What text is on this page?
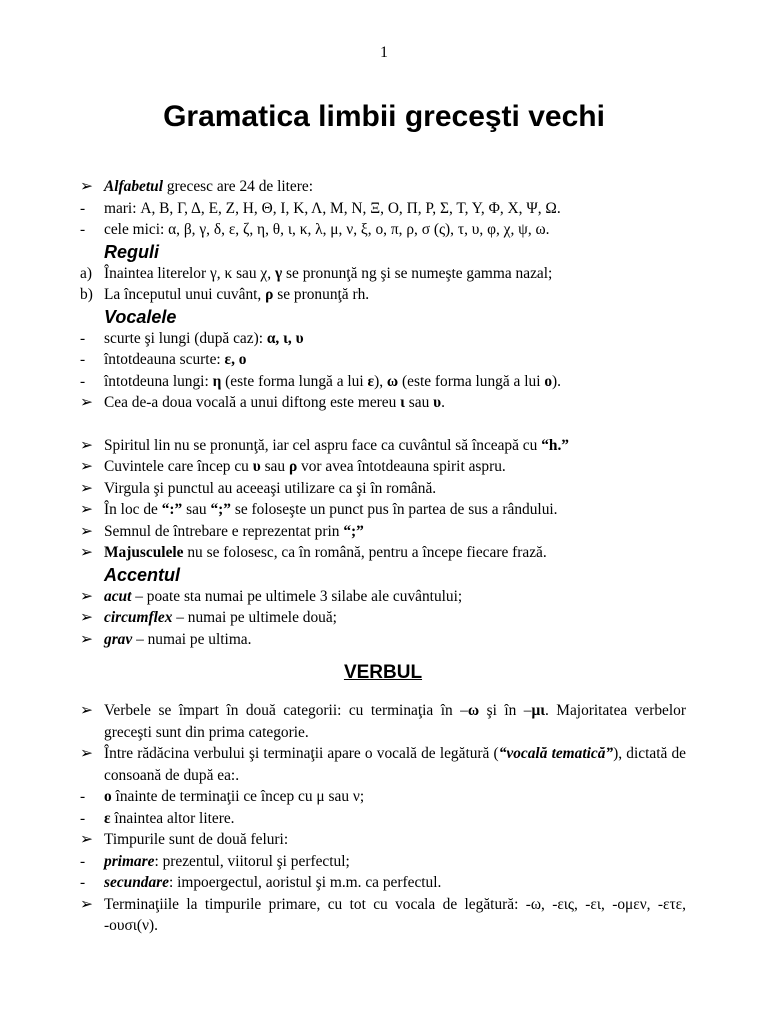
1
Gramatica limbii greceşti vechi
➢ Alfabetul grecesc are 24 de litere:
-	mari: Α, Β, Γ, Δ, Ε, Ζ, Η, Θ, Ι, Κ, Λ, Μ, Ν, Ξ, Ο, Π, Ρ, Σ, Τ, Υ, Φ, Χ, Ψ, Ω.
-	cele mici: α, β, γ, δ, ε, ζ, η, θ, ι, κ, λ, μ, ν, ξ, ο, π, ρ, σ (ς), τ, υ, φ, χ, ψ, ω.
Reguli
a) Înaintea literelor γ, κ sau χ, γ se pronunţă ng şi se numeşte gamma nazal;
b) La începutul unui cuvânt, ρ se pronunţă rh.
Vocalele
-	scurte şi lungi (după caz): α, ι, υ
-	întotdeauna scurte: ε, ο
-	întotdeuna lungi: η (este forma lungă a lui ε), ω (este forma lungă a lui ο).
➢ Cea de-a doua vocală a unui diftong este mereu ι sau υ.
➢ Spiritul lin nu se pronunţă, iar cel aspru face ca cuvântul să înceapă cu “h.”
➢ Cuvintele care încep cu υ sau ρ vor avea întotdeauna spirit aspru.
➢ Virgula şi punctul au aceeaşi utilizare ca şi în română.
➢ În loc de “:” sau “;” se foloseşte un punct pus în partea de sus a rândului.
➢ Semnul de întrebare e reprezentat prin “;”
➢ Majusculele nu se folosesc, ca în română, pentru a începe fiecare frază.
Accentul
➢ acut – poate sta numai pe ultimele 3 silabe ale cuvântului;
➢ circumflex – numai pe ultimele două;
➢ grav – numai pe ultima.
VERBUL
➢ Verbele se împart în două categorii: cu terminaţia în –ω şi în –μι. Majoritatea verbelor greceşti sunt din prima categorie.
➢ Între rădăcina verbului şi terminaţii apare o vocală de legătură (“vocală tematică”), dictată de consoană de după ea:.
-	ο înainte de terminaţii ce încep cu μ sau ν;
-	ε înaintea altor litere.
➢ Timpurile sunt de două feluri:
-	primare: prezentul, viitorul şi perfectul;
-	secundare: impoergectul, aoristul şi m.m. ca perfectul.
➢ Terminaţiile la timpurile primare, cu tot cu vocala de legătură: -ω, -εις, -ει, -ομεν, -ετε, -ουσι(ν).
